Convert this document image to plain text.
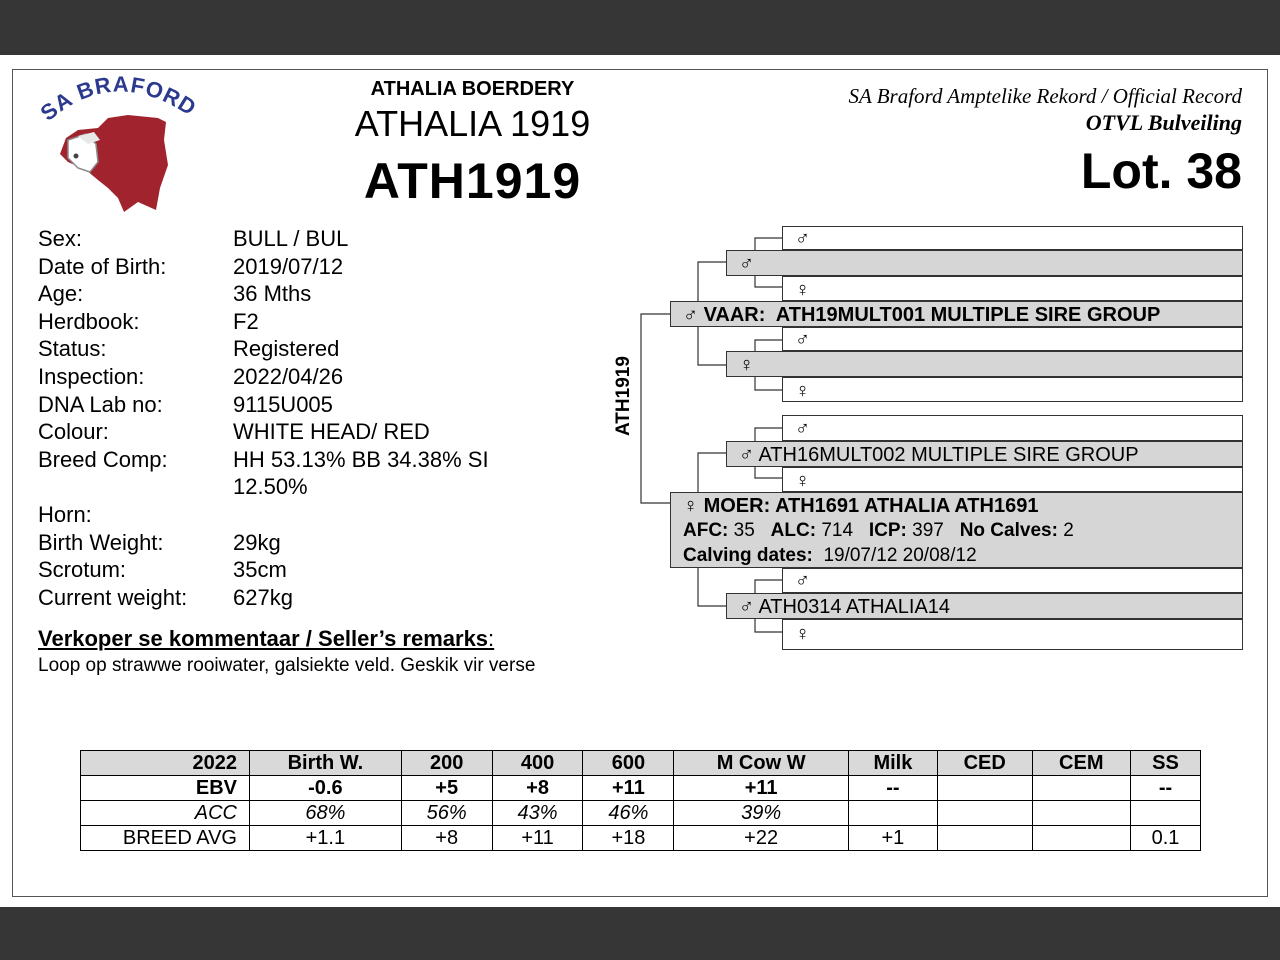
SA BRAFOR	ATHALIA BOERDERY
ATHALIA 1919
ATH1919
SA Braford Amptelike Rekord / Official Record
OTVL Bulveiling
Lot. 38
Sex:	BULL / BUL
Date of Birth:	2019/07/12
Age:	36 Mths
Herdbook:	F2
Status:	Registered
Inspection:	2022/04/26
DNA Lab no:	9115U005
Colour:	WHITE HEAD/ RED
Breed Comp:	HH 53.13% BB 34.38% SI 12.50%
Horn:
Birth Weight:	29kg
Scrotum:	35cm
Current weight:	627kg
Verkoper se kommentaar / Seller’s remarks:
Loop op strawwe rooiwater, galsiekte veld. Geskik vir verse
ATH1919
♂
♂
♀
♂ VAAR: ATH19MULT001 MULTIPLE SIRE GROUP
♂
♀
♀
♂
♂ ATH16MULT002 MULTIPLE SIRE GROUP
♀
♀ MOER: ATH1691 ATHALIA ATH1691
AFC: 35 ALC: 714 ICP: 397 No Calves: 2
Calving dates: 19/07/12 20/08/12
♂
♂ ATH0314 ATHALIA14
♀
2022	Birth W.	200	400	600	M Cow W	Milk	CED	CEM	SS
EBV	-0.6	+5	+8	+11	+11	--			--
ACC	68%	56%	43%	46%	39%				
BREED AVG	+1.1	+8	+11	+18	+22	+1			0.1
